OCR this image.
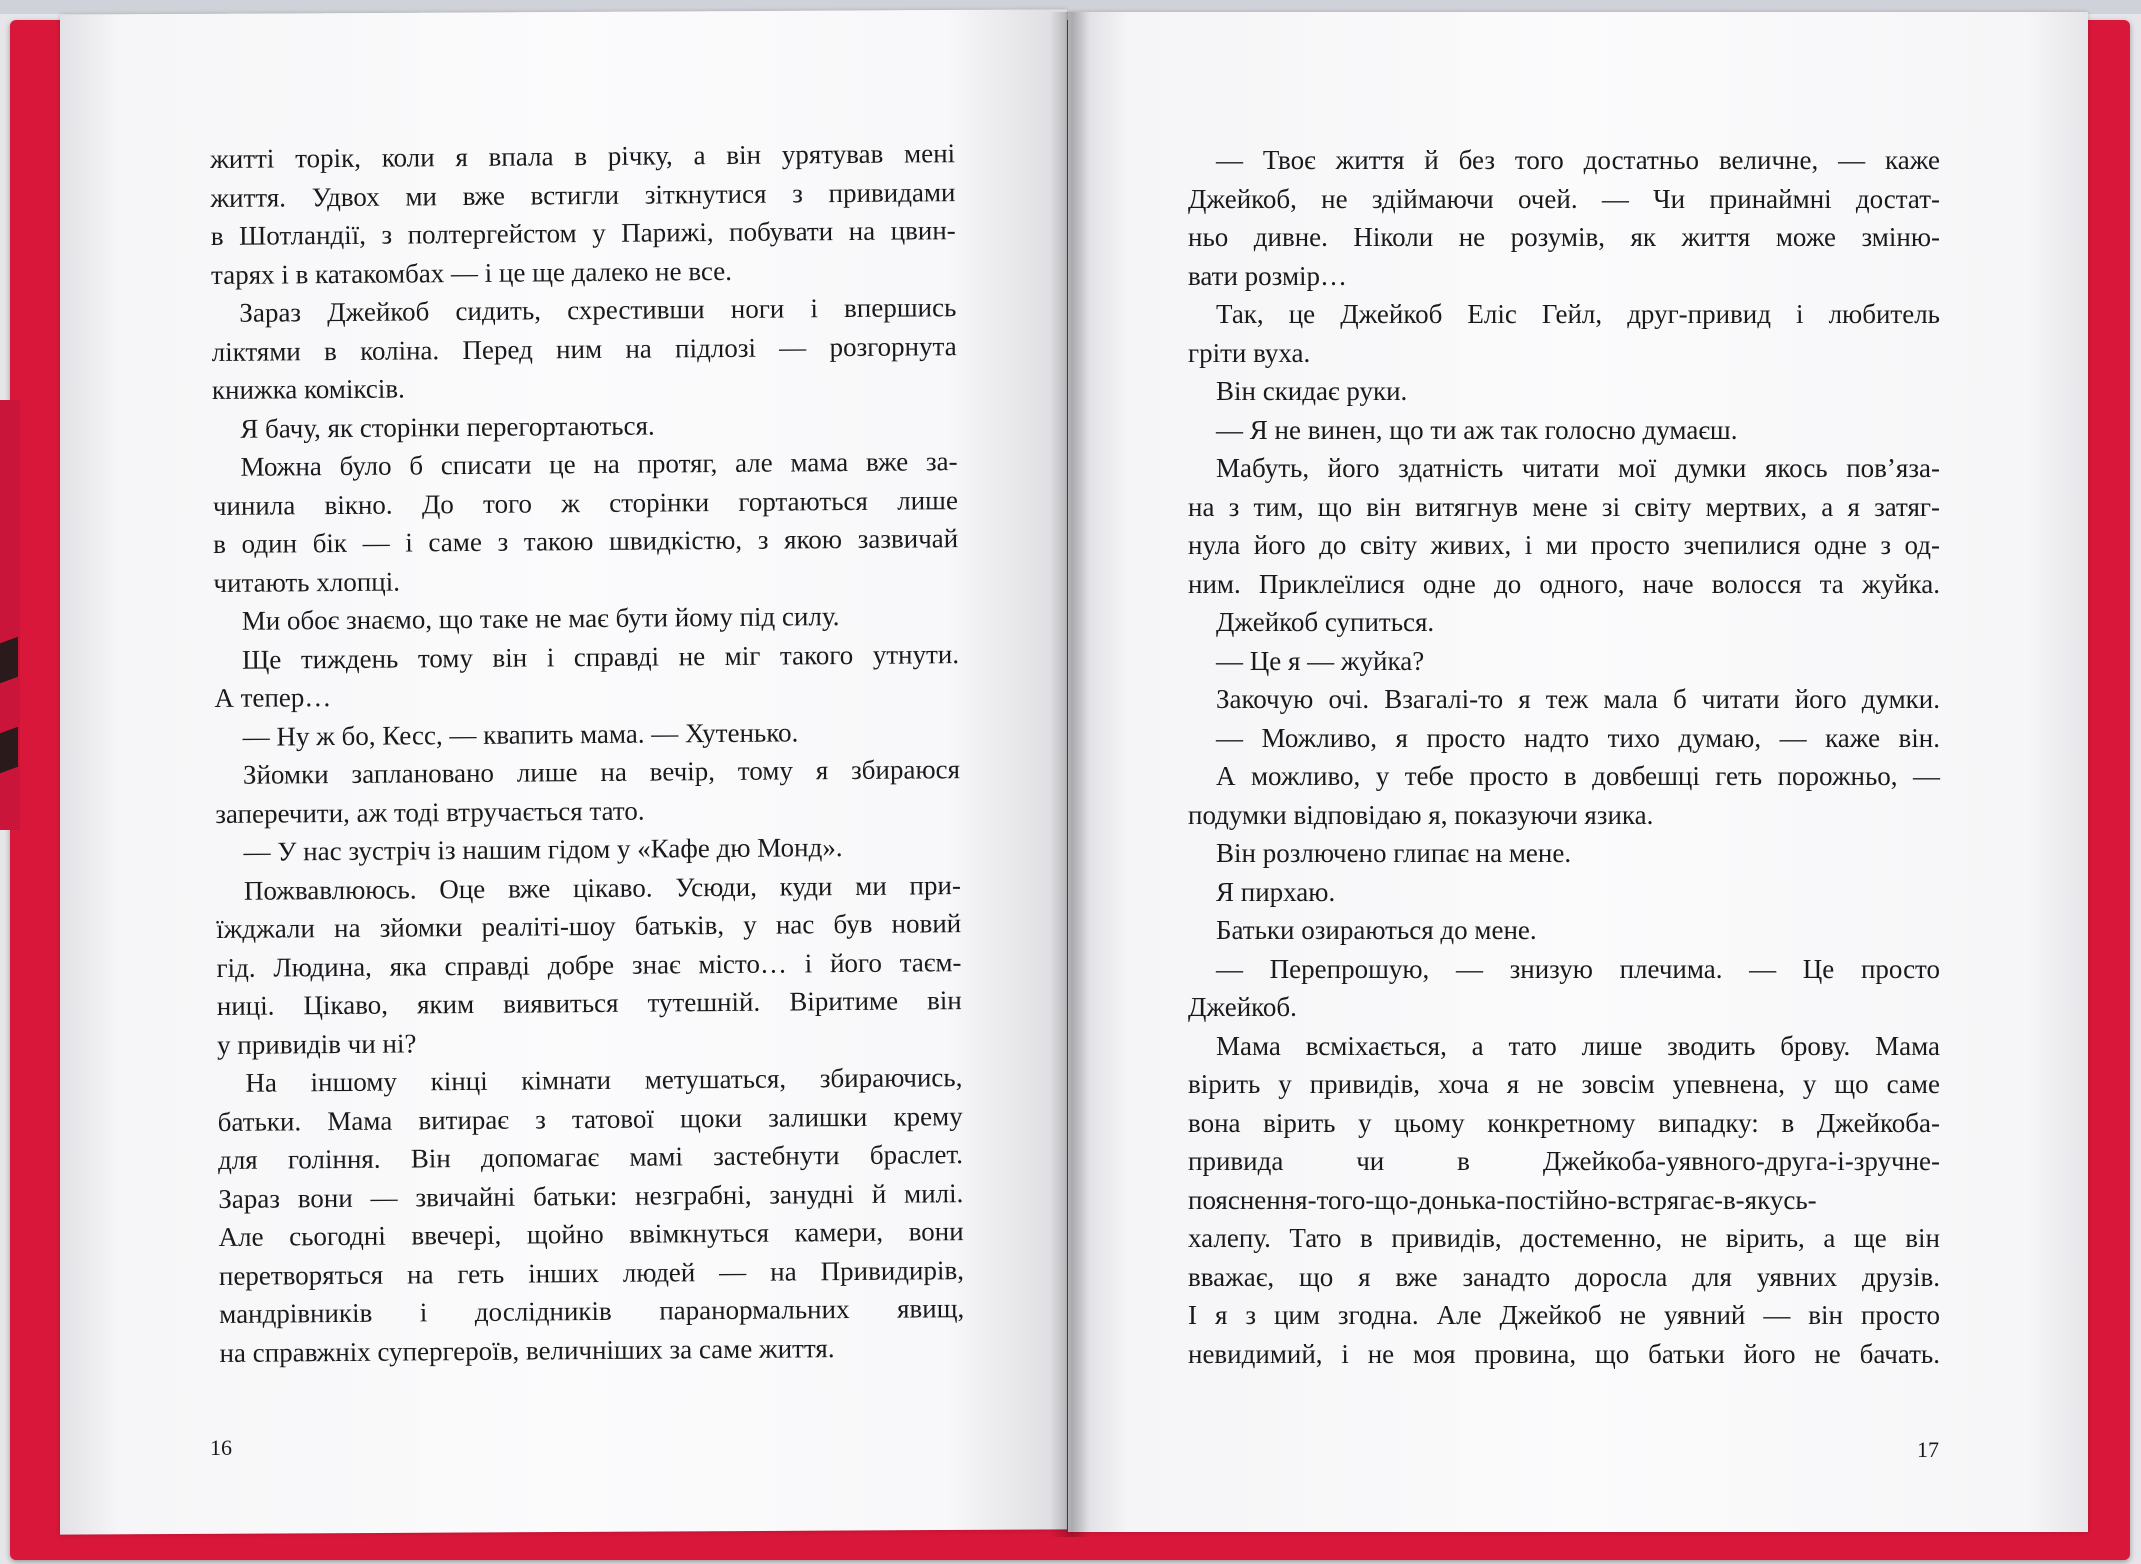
житті торік, коли я впала в річку, а він урятував мені
життя. Удвох ми вже встигли зіткнутися з привидами
в Шотландії, з полтергейстом у Парижі, побувати на цвин-
тарях і в катакомбах — і це ще далеко не все.
Зараз Джейкоб сидить, схрестивши ноги і впершись
ліктями в коліна. Перед ним на підлозі — розгорнута
книжка коміксів.
Я бачу, як сторінки перегортаються.
Можна було б списати це на протяг, але мама вже за-
чинила вікно. До того ж сторінки гортаються лише
в один бік — і саме з такою швидкістю, з якою зазвичай
читають хлопці.
Ми обоє знаємо, що таке не має бути йому під силу.
Ще тиждень тому він і справді не міг такого утнути.
А тепер…
— Ну ж бо, Кесс, — квапить мама. — Хутенько.
Зйомки заплановано лише на вечір, тому я збираюся
заперечити, аж тоді втручається тато.
— У нас зустріч із нашим гідом у «Кафе дю Монд».
Пожвавлююсь. Оце вже цікаво. Усюди, куди ми при-
їжджали на зйомки реаліті-шоу батьків, у нас був новий
гід. Людина, яка справді добре знає місто… і його таєм-
ниці. Цікаво, яким виявиться тутешній. Віритиме він
у привидів чи ні?
На іншому кінці кімнати метушаться, збираючись,
батьки. Мама витирає з татової щоки залишки крему
для гоління. Він допомагає мамі застебнути браслет.
Зараз вони — звичайні батьки: незграбні, занудні й милі.
Але сьогодні ввечері, щойно ввімкнуться камери, вони
перетворяться на геть інших людей — на Привидирів,
мандрівників і дослідників паранормальних явищ,
на справжніх супергероїв, величніших за саме життя.
— Твоє життя й без того достатньо величне, — каже
Джейкоб, не здіймаючи очей. — Чи принаймні достат-
ньо дивне. Ніколи не розумів, як життя може зміню-
вати розмір…
Так, це Джейкоб Еліс Гейл, друг-привид і любитель
гріти вуха.
Він скидає руки.
— Я не винен, що ти аж так голосно думаєш.
Мабуть, його здатність читати мої думки якось пов’яза-
на з тим, що він витягнув мене зі світу мертвих, а я затяг-
нула його до світу живих, і ми просто зчепилися одне з од-
ним. Приклеїлися одне до одного, наче волосся та жуйка.
Джейкоб супиться.
— Це я — жуйка?
Закочую очі. Взагалі-то я теж мала б читати його думки.
— Можливо, я просто надто тихо думаю, — каже він.
А можливо, у тебе просто в довбешці геть порожньо, —
подумки відповідаю я, показуючи язика.
Він розлючено глипає на мене.
Я пирхаю.
Батьки озираються до мене.
— Перепрошую, — знизую плечима. — Це просто
Джейкоб.
Мама всміхається, а тато лише зводить брову. Мама
вірить у привидів, хоча я не зовсім упевнена, у що саме
вона вірить у цьому конкретному випадку: в Джейкоба-
привида чи в Джейкоба-уявного-друга-і-зручне-
пояснення-того-що-донька-постійно-встрягає-в-якусь-
халепу. Тато в привидів, достеменно, не вірить, а ще він
вважає, що я вже занадто доросла для уявних друзів.
І я з цим згодна. Але Джейкоб не уявний — він просто
невидимий, і не моя провина, що батьки його не бачать.
16	17
